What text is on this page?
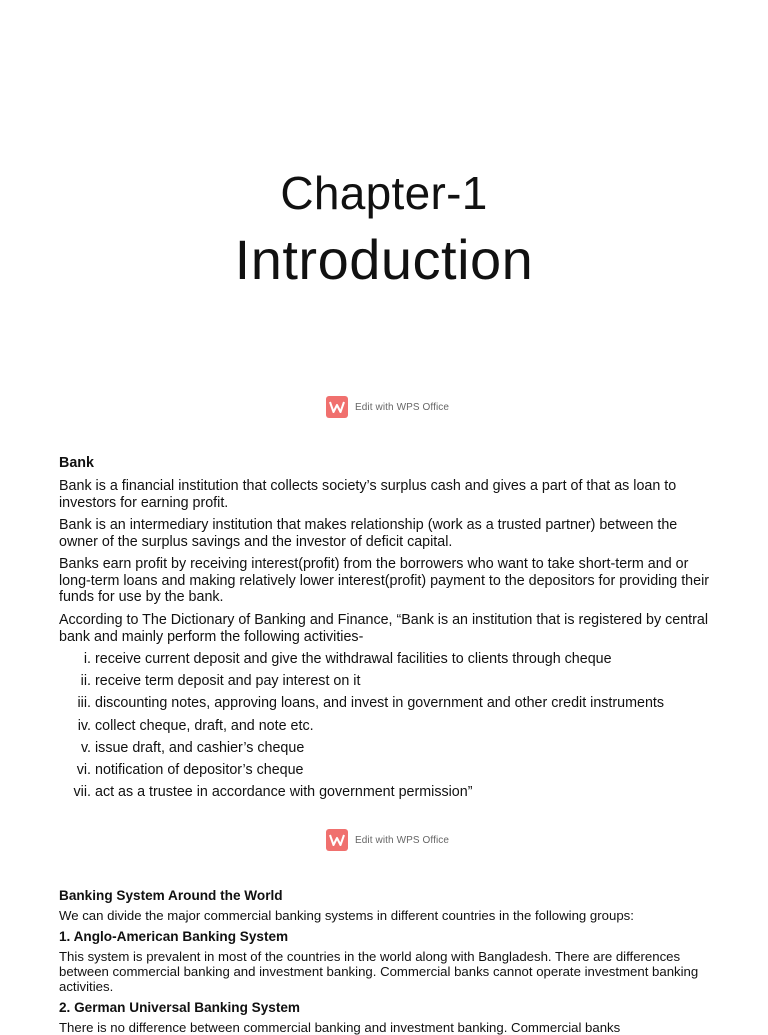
Chapter-1
Introduction
Edit with WPS Office
Bank
Bank is a financial institution that collects society’s surplus cash and gives a part of that as loan to investors for earning profit.
Bank is an intermediary institution that makes relationship (work as a trusted partner) between the owner of the surplus savings and the investor of deficit capital.
Banks earn profit by receiving interest(profit) from the borrowers who want to take short-term and or long-term loans and making relatively lower interest(profit) payment to the depositors for providing their funds for use by the bank.
According to The Dictionary of Banking and Finance, “Bank is an institution that is registered by central bank and mainly perform the following activities-
i. receive current deposit and give the withdrawal facilities to clients through cheque
ii. receive term deposit and pay interest on it
iii. discounting notes, approving loans, and invest in government and other credit instruments
iv. collect cheque, draft, and note etc.
v. issue draft, and cashier’s cheque
vi. notification of depositor’s cheque
vii. act as a trustee in accordance with government permission”
Edit with WPS Office
Banking System Around the World
We can divide the major commercial banking systems in different countries in the following groups:
1. Anglo-American Banking System
This system is prevalent in most of the countries in the world along with Bangladesh. There are differences between commercial banking and investment banking. Commercial banks cannot operate investment banking activities.
2. German Universal Banking System
There is no difference between commercial banking and investment banking. Commercial banks
